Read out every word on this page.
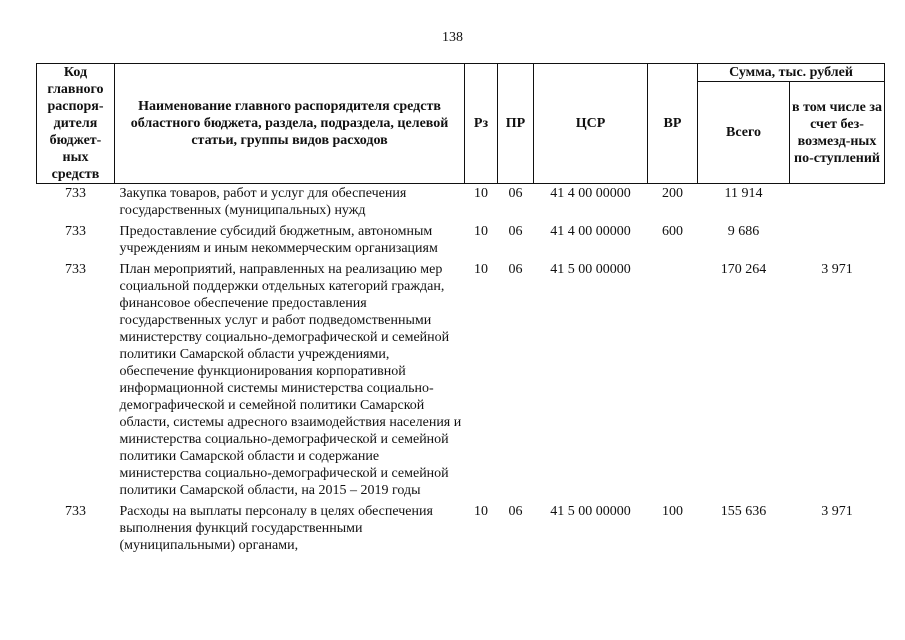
138
Код главного распоря-дителя бюджет-ных средств	Наименование главного распорядителя средств областного бюджета, раздела, подраздела, целевой статьи, группы видов расходов	Рз	ПР	ЦСР	ВР	Сумма, тыс. рублей	
						Всего	в том числе за счет без-возмезд-ных по-ступлений
733	Закупка товаров, работ и услуг для обеспечения государственных (муниципальных) нужд	10	06	41 4 00 00000	200	11 914	
733	Предоставление субсидий бюджетным, автономным учреждениям и иным некоммерческим организациям	10	06	41 4 00 00000	600	9 686	
733	План мероприятий, направленных на реализацию мер социальной поддержки отдельных категорий граждан, финансовое обеспечение предоставления государственных услуг и работ подведомственными министерству социально-демографической и семейной политики Самарской области учреждениями, обеспечение функционирования корпоративной информационной системы министерства социально-демографической и семейной политики Самарской области, системы адресного взаимодействия населения и министерства социально-демографической и семейной политики Самарской области и содержание министерства социально-демографической и семейной политики Самарской области, на 2015 – 2019 годы	10	06	41 5 00 00000		170 264	3 971
733	Расходы на выплаты персоналу в целях обеспечения выполнения функций государственными (муниципальными) органами,	10	06	41 5 00 00000	100	155 636	3 971
